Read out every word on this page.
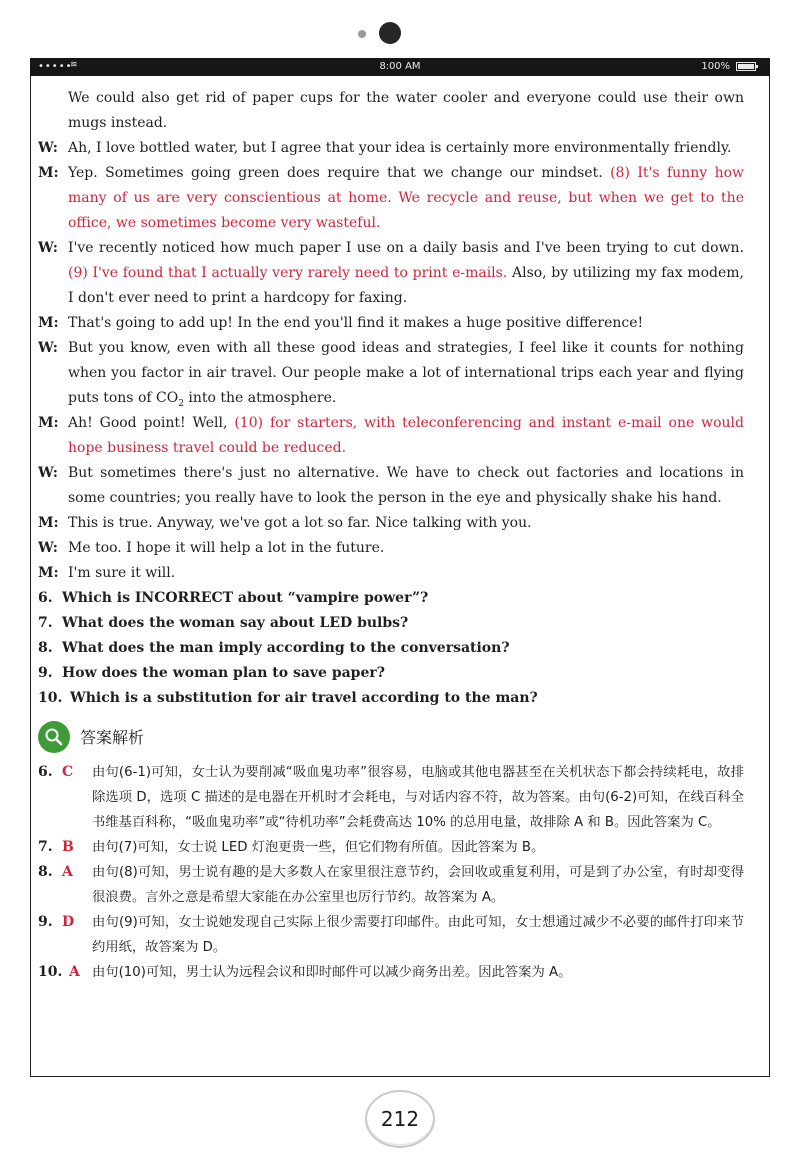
•••••
≋	8:00 AM	100%
We could also get rid of paper cups for the water cooler and everyone could use their own mugs instead.
W: Ah, I love bottled water, but I agree that your idea is certainly more environmentally friendly.
M: Yep. Sometimes going green does require that we change our mindset. (8) It's funny how many of us are very conscientious at home. We recycle and reuse, but when we get to the office, we sometimes become very wasteful.
W: I've recently noticed how much paper I use on a daily basis and I've been trying to cut down. (9) I've found that I actually very rarely need to print e-mails. Also, by utilizing my fax modem, I don't ever need to print a hardcopy for faxing.
M: That's going to add up! In the end you'll find it makes a huge positive difference!
W: But you know, even with all these good ideas and strategies, I feel like it counts for nothing when you factor in air travel. Our people make a lot of international trips each year and flying puts tons of $CO_2$ into the atmosphere.
M: Ah! Good point! Well, (10) for starters, with teleconferencing and instant e-mail one would hope business travel could be reduced.
W: But sometimes there's just no alternative. We have to check out factories and locations in some countries; you really have to look the person in the eye and physically shake his hand.
M: This is true. Anyway, we've got a lot so far. Nice talking with you.
W: Me too. I hope it will help a lot in the future.
M: I'm sure it will.
6. Which is INCORRECT about “vampire power”?
7. What does the woman say about LED bulbs?
8. What does the man imply according to the conversation?
9. How does the woman plan to save paper?
10. Which is a substitution for air travel according to the man?
答案解析
6. C 由句(6-1)可知，女士认为要削减“吸血鬼功率”很容易，电脑或其他电器甚至在关机状态下都会持续耗电，故排除选项 D，选项 C 描述的是电器在开机时才会耗电，与对话内容不符，故为答案。由句(6-2)可知，在线百科全书维基百科称，“吸血鬼功率”或“待机功率”会耗费高达 10% 的总用电量，故排除 A 和 B。因此答案为 C。
7. B 由句(7)可知，女士说 LED 灯泡更贵一些，但它们物有所值。因此答案为 B。
8. A 由句(8)可知，男士说有趣的是大多数人在家里很注意节约，会回收或重复利用，可是到了办公室，有时却变得很浪费。言外之意是希望大家能在办公室里也厉行节约。故答案为 A。
9. D 由句(9)可知，女士说她发现自己实际上很少需要打印邮件。由此可知，女士想通过减少不必要的邮件打印来节约用纸，故答案为 D。
10. A 由句(10)可知，男士认为远程会议和即时邮件可以减少商务出差。因此答案为 A。
212
